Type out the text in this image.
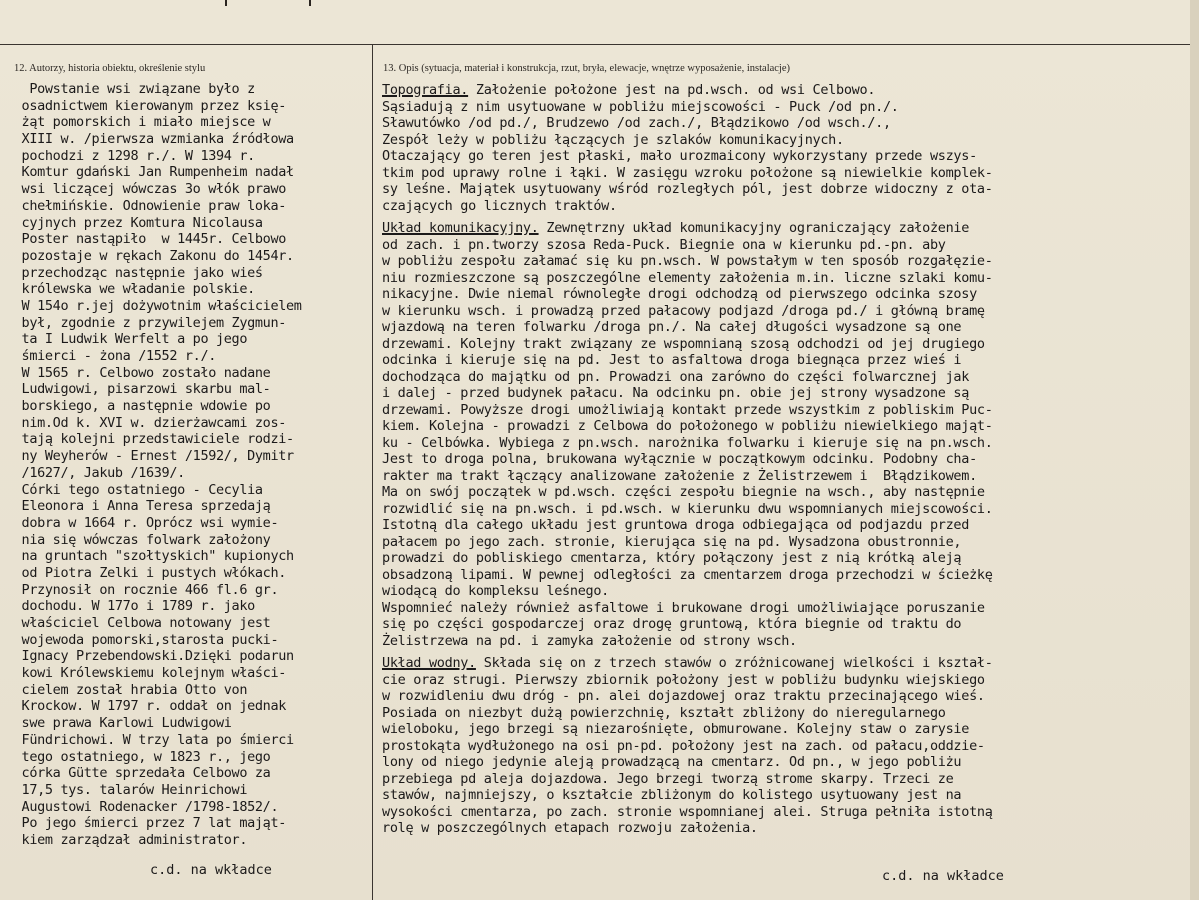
12. Autorzy, historia obiektu, określenie stylu	13. Opis (sytuacja, materiał i konstrukcja, rzut, bryła, elewacje, wnętrze wyposażenie, instalacje)
Powstanie wsi związane było z
osadnictwem kierowanym przez księ-
żąt pomorskich i miało miejsce w
XIII w. /pierwsza wzmianka źródłowa
pochodzi z 1298 r./. W 1394 r.
Komtur gdański Jan Rumpenheim nadał
wsi liczącej wówczas 3o włók prawo
chełmińskie. Odnowienie praw loka-
cyjnych przez Komtura Nicolausa
Poster nastąpiło  w 1445r. Celbowo
pozostaje w rękach Zakonu do 1454r.
przechodząc następnie jako wieś
królewska we władanie polskie.
W 154o r.jej dożywotnim właścicielem
był, zgodnie z przywilejem Zygmun-
ta I Ludwik Werfelt a po jego
śmierci - żona /1552 r./.
W 1565 r. Celbowo zostało nadane
Ludwigowi, pisarzowi skarbu mal-
borskiego, a następnie wdowie po
nim.Od k. XVI w. dzierżawcami zos-
tają kolejni przedstawiciele rodzi-
ny Weyherów - Ernest /1592/, Dymitr
/1627/, Jakub /1639/.
Córki tego ostatniego - Cecylia
Eleonora i Anna Teresa sprzedają
dobra w 1664 r. Oprócz wsi wymie-
nia się wówczas folwark założony
na gruntach "szołtyskich" kupionych
od Piotra Zelki i pustych włókach.
Przynosił on rocznie 466 fl.6 gr.
dochodu. W 177o i 1789 r. jako
właściciel Celbowa notowany jest
wojewoda pomorski,starosta pucki-
Ignacy Przebendowski.Dzięki podarun
kowi Królewskiemu kolejnym właści-
cielem został hrabia Otto von
Krockow. W 1797 r. oddał on jednak
swe prawa Karlowi Ludwigowi
Fündrichowi. W trzy lata po śmierci
tego ostatniego, w 1823 r., jego
córka Gütte sprzedała Celbowo za
17,5 tys. talarów Heinrichowi
Augustowi Rodenacker /1798-1852/.
Po jego śmierci przez 7 lat mająt-
kiem zarządzał administrator.
c.d. na wkładce
Topografia. Założenie położone jest na pd.wsch. od wsi Celbowo.
Sąsiadują z nim usytuowane w pobliżu miejscowości - Puck /od pn./.
Sławutówko /od pd./, Brudzewo /od zach./, Błądzikowo /od wsch./.,
Zespół leży w pobliżu łączących je szlaków komunikacyjnych.
Otaczający go teren jest płaski, mało urozmaicony wykorzystany przede wszys-
tkim pod uprawy rolne i łąki. W zasięgu wzroku położone są niewielkie komplek-
sy leśne. Majątek usytuowany wśród rozległych pól, jest dobrze widoczny z ota-
czających go licznych traktów.
Układ komunikacyjny. Zewnętrzny układ komunikacyjny ograniczający założenie
od zach. i pn.tworzy szosa Reda-Puck. Biegnie ona w kierunku pd.-pn. aby
w pobliżu zespołu załamać się ku pn.wsch. W powstałym w ten sposób rozgałęzie-
niu rozmieszczone są poszczególne elementy założenia m.in. liczne szlaki komu-
nikacyjne. Dwie niemal równoległe drogi odchodzą od pierwszego odcinka szosy
w kierunku wsch. i prowadzą przed pałacowy podjazd /droga pd./ i główną bramę
wjazdową na teren folwarku /droga pn./. Na całej długości wysadzone są one
drzewami. Kolejny trakt związany ze wspomnianą szosą odchodzi od jej drugiego
odcinka i kieruje się na pd. Jest to asfaltowa droga biegnąca przez wieś i
dochodząca do majątku od pn. Prowadzi ona zarówno do części folwarcznej jak
i dalej - przed budynek pałacu. Na odcinku pn. obie jej strony wysadzone są
drzewami. Powyższe drogi umożliwiają kontakt przede wszystkim z pobliskim Puc-
kiem. Kolejna - prowadzi z Celbowa do położonego w pobliżu niewielkiego mająt-
ku - Celbówka. Wybiega z pn.wsch. narożnika folwarku i kieruje się na pn.wsch.
Jest to droga polna, brukowana wyłącznie w początkowym odcinku. Podobny cha-
rakter ma trakt łączący analizowane założenie z Żelistrzewem i  Błądzikowem.
Ma on swój początek w pd.wsch. części zespołu biegnie na wsch., aby następnie
rozwidlić się na pn.wsch. i pd.wsch. w kierunku dwu wspomnianych miejscowości.
Istotną dla całego układu jest gruntowa droga odbiegająca od podjazdu przed
pałacem po jego zach. stronie, kierująca się na pd. Wysadzona obustronnie,
prowadzi do pobliskiego cmentarza, który połączony jest z nią krótką aleją
obsadzoną lipami. W pewnej odległości za cmentarzem droga przechodzi w ścieżkę
wiodącą do kompleksu leśnego.
Wspomnieć należy również asfaltowe i brukowane drogi umożliwiające poruszanie
się po części gospodarczej oraz drogę gruntową, która biegnie od traktu do
Żelistrzewa na pd. i zamyka założenie od strony wsch.
Układ wodny. Składa się on z trzech stawów o zróżnicowanej wielkości i kształ-
cie oraz strugi. Pierwszy zbiornik położony jest w pobliżu budynku wiejskiego
w rozwidleniu dwu dróg - pn. alei dojazdowej oraz traktu przecinającego wieś.
Posiada on niezbyt dużą powierzchnię, kształt zbliżony do nieregularnego
wieloboku, jego brzegi są niezarośnięte, obmurowane. Kolejny staw o zarysie
prostokąta wydłużonego na osi pn-pd. położony jest na zach. od pałacu,oddzie-
lony od niego jedynie aleją prowadzącą na cmentarz. Od pn., w jego pobliżu
przebiega pd aleja dojazdowa. Jego brzegi tworzą strome skarpy. Trzeci ze
stawów, najmniejszy, o kształcie zbliżonym do kolistego usytuowany jest na
wysokości cmentarza, po zach. stronie wspomnianej alei. Struga pełniła istotną
rolę w poszczególnych etapach rozwoju założenia.
c.d. na wkładce
